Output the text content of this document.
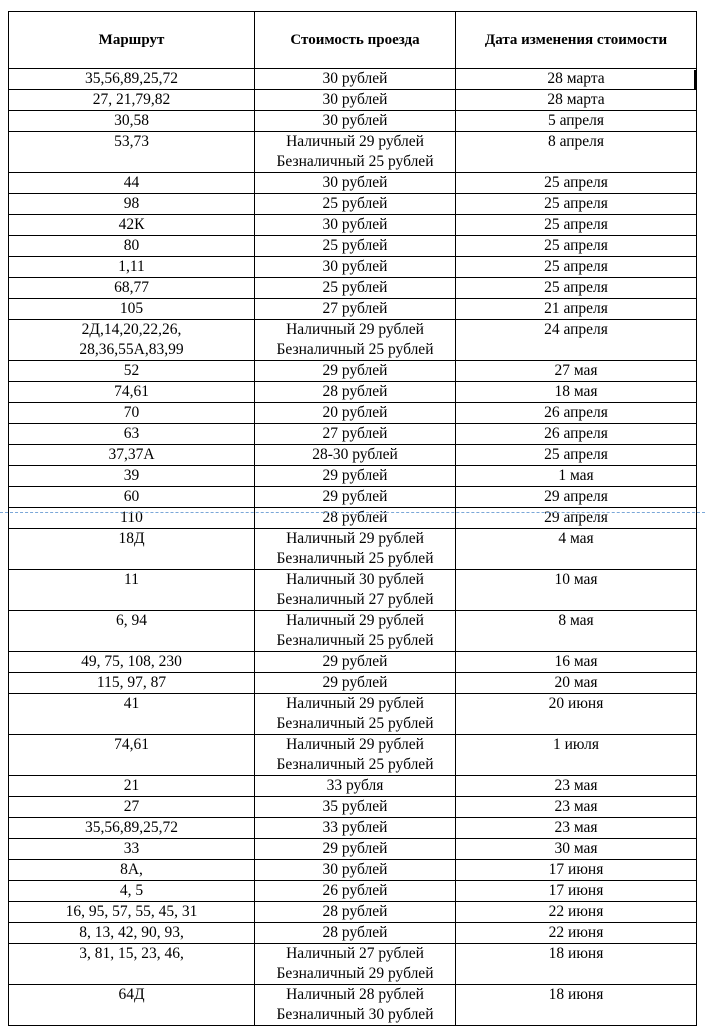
Маршрут	Стоимость проезда	Дата изменения стоимости

35,56,89,25,72	30 рублей	28 марта

27, 21,79,82	30 рублей	28 марта

30,58	30 рублей	5 апреля

53,73	Наличный 29 рублей
Безналичный 25 рублей	8 апреля

44	30 рублей	25 апреля

98	25 рублей	25 апреля

42К	30 рублей	25 апреля

80	25 рублей	25 апреля

1,11	30 рублей	25 апреля

68,77	25 рублей	25 апреля

105	27 рублей	21 апреля

2Д,14,20,22,26,
28,36,55А,83,99	Наличный 29 рублей
Безналичный 25 рублей	24 апреля

52	29 рублей	27 мая

74,61	28 рублей	18 мая

70	20 рублей	26 апреля

63	27 рублей	26 апреля

37,37А	28-30 рублей	25 апреля

39	29 рублей	1 мая

60	29 рублей	29 апреля

110	28 рублей	29 апреля

18Д	Наличный 29 рублей
Безналичный 25 рублей	4 мая

11	Наличный 30 рублей
Безналичный 27 рублей	10 мая

6, 94	Наличный 29 рублей
Безналичный 25 рублей	8 мая

49, 75, 108, 230	29 рублей	16 мая

115, 97, 87	29 рублей	20 мая

41	Наличный 29 рублей
Безналичный 25 рублей	20 июня

74,61	Наличный 29 рублей
Безналичный 25 рублей	1 июля

21	33 рубля	23 мая

27	35 рублей	23 мая

35,56,89,25,72	33 рублей	23 мая

33	29 рублей	30 мая

8А,	30 рублей	17 июня

4, 5	26 рублей	17 июня

16, 95, 57, 55, 45, 31	28 рублей	22 июня

8, 13, 42, 90, 93,	28 рублей	22 июня

3, 81, 15, 23, 46,	Наличный 27 рублей
Безналичный 29 рублей	18 июня

64Д	Наличный 28 рублей
Безналичный 30 рублей	18 июня
